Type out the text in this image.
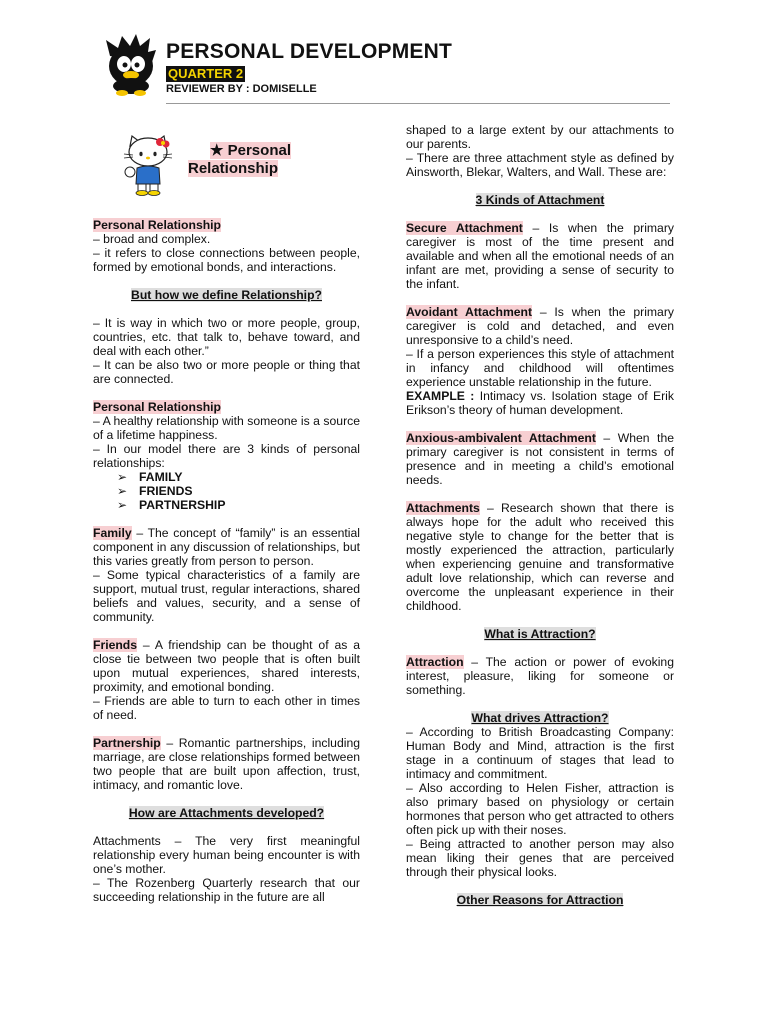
PERSONAL DEVELOPMENT
QUARTER 2
REVIEWER BY : DOMISELLE
★ Personal
Relationship

Personal Relationship

– broad and complex.

– it refers to close connections between people, formed by emotional bonds, and interactions.

But how we define Relationship?

– It is way in which two or more people, group, countries, etc. that talk to, behave toward, and deal with each other.”

– It can be also two or more people or thing that are connected.

Personal Relationship

– A healthy relationship with someone is a source of a lifetime happiness.

– In our model there are 3 kinds of personal relationships:

➢ FAMILY
➢ FRIENDS
➢ PARTNERSHIP

Family – The concept of “family” is an essential component in any discussion of relationships, but this varies greatly from person to person.

– Some typical characteristics of a family are support, mutual trust, regular interactions, shared beliefs and values, security, and a sense of community.

Friends – A friendship can be thought of as a close tie between two people that is often built upon mutual experiences, shared interests, proximity, and emotional bonding.

– Friends are able to turn to each other in times of need.

Partnership – Romantic partnerships, including marriage, are close relationships formed between two people that are built upon affection, trust, intimacy, and romantic love.

How are Attachments developed?

Attachments – The very first meaningful relationship every human being encounter is with one’s mother.

– The Rozenberg Quarterly research that our succeeding relationship in the future are all

shaped to a large extent by our attachments to our parents.

– There are three attachment style as defined by Ainsworth, Blekar, Walters, and Wall. These are:

3 Kinds of Attachment

Secure Attachment – Is when the primary caregiver is most of the time present and available and when all the emotional needs of an infant are met, providing a sense of security to the infant.

Avoidant Attachment – Is when the primary caregiver is cold and detached, and even unresponsive to a child’s need.

– If a person experiences this style of attachment in infancy and childhood will oftentimes experience unstable relationship in the future.

EXAMPLE : Intimacy vs. Isolation stage of Erik Erikson’s theory of human development.

Anxious-ambivalent Attachment – When the primary caregiver is not consistent in terms of presence and in meeting a child’s emotional needs.

Attachments – Research shown that there is always hope for the adult who received this negative style to change for the better that is mostly experienced the attraction, particularly when experiencing genuine and transformative adult love relationship, which can reverse and overcome the unpleasant experience in their childhood.

What is Attraction?

Attraction – The action or power of evoking interest, pleasure, liking for someone or something.

What drives Attraction?

– According to British Broadcasting Company: Human Body and Mind, attraction is the first stage in a continuum of stages that lead to intimacy and commitment.

– Also according to Helen Fisher, attraction is also primary based on physiology or certain hormones that person who get attracted to others often pick up with their noses.

– Being attracted to another person may also mean liking their genes that are perceived through their physical looks.

Other Reasons for Attraction
